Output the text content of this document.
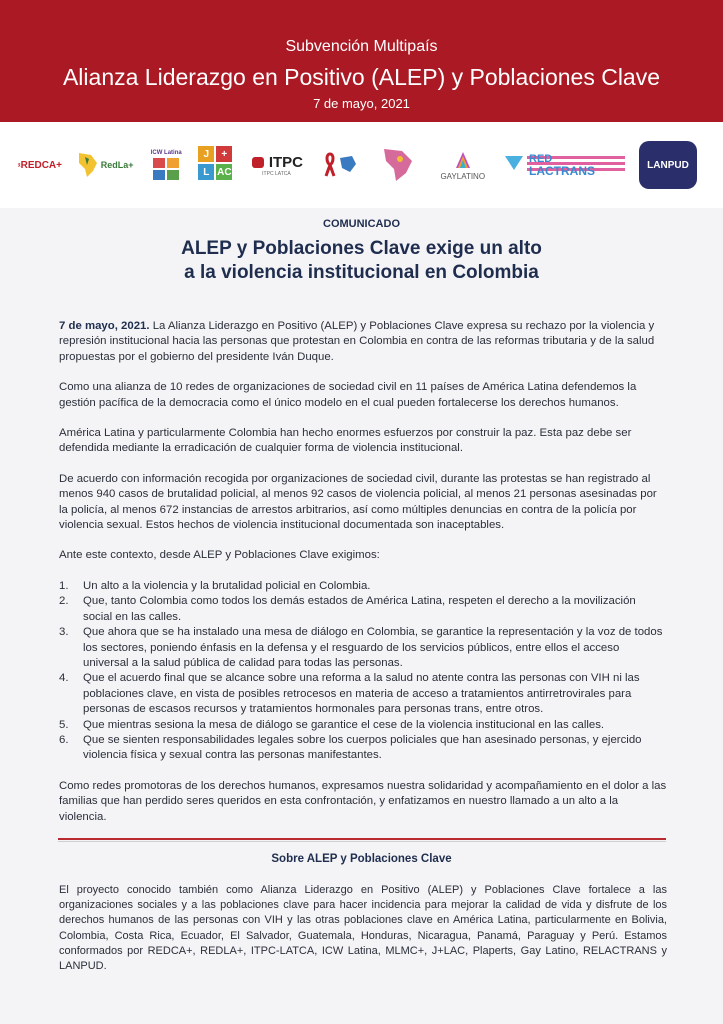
Subvención Multipaís
Alianza Liderazgo en Positivo (ALEP) y Poblaciones Clave
7 de mayo, 2021
REDCA+	RedLa+
ICW Latina	J	+
L AC
ITPC
ITPC LATCA	GAYLATINO
RED
LACTRANS	LANPUD
COMUNICADO
ALEP y Poblaciones Clave exige un alto
a la violencia institucional en Colombia

7 de mayo, 2021. La Alianza Liderazgo en Positivo (ALEP) y Poblaciones Clave expresa su rechazo por la violencia y represión institucional hacia las personas que protestan en Colombia en contra de las reformas tributaria y de la salud propuestas por el gobierno del presidente Iván Duque.

Como una alianza de 10 redes de organizaciones de sociedad civil en 11 países de América Latina defendemos la gestión pacífica de la democracia como el único modelo en el cual pueden fortalecerse los derechos humanos.

América Latina y particularmente Colombia han hecho enormes esfuerzos por construir la paz. Esta paz debe ser defendida mediante la erradicación de cualquier forma de violencia institucional.

De acuerdo con información recogida por organizaciones de sociedad civil, durante las protestas se han registrado al menos 940 casos de brutalidad policial, al menos 92 casos de violencia policial, al menos 21 personas asesinadas por la policía, al menos 672 instancias de arrestos arbitrarios, así como múltiples denuncias en contra de la policía por violencia sexual. Estos hechos de violencia institucional documentada son inaceptables.

Ante este contexto, desde ALEP y Poblaciones Clave exigimos:

1. Un alto a la violencia y la brutalidad policial en Colombia.
2. Que, tanto Colombia como todos los demás estados de América Latina, respeten el derecho a la movilización social en las calles.
3. Que ahora que se ha instalado una mesa de diálogo en Colombia, se garantice la representación y la voz de todos los sectores, poniendo énfasis en la defensa y el resguardo de los servicios públicos, entre ellos el acceso universal a la salud pública de calidad para todas las personas.
4. Que el acuerdo final que se alcance sobre una reforma a la salud no atente contra las personas con VIH ni las poblaciones clave, en vista de posibles retrocesos en materia de acceso a tratamientos antirretrovirales para personas de escasos recursos y tratamientos hormonales para personas trans, entre otros.
5. Que mientras sesiona la mesa de diálogo se garantice el cese de la violencia institucional en las calles.
6. Que se sienten responsabilidades legales sobre los cuerpos policiales que han asesinado personas, y ejercido violencia física y sexual contra las personas manifestantes.

Como redes promotoras de los derechos humanos, expresamos nuestra solidaridad y acompañamiento en el dolor a las familias que han perdido seres queridos en esta confrontación, y enfatizamos en nuestro llamado a un alto a la violencia.

Sobre ALEP y Poblaciones Clave
El proyecto conocido también como Alianza Liderazgo en Positivo (ALEP) y Poblaciones Clave fortalece a las organizaciones sociales y a las poblaciones clave para hacer incidencia para mejorar la calidad de vida y disfrute de los derechos humanos de las personas con VIH y las otras poblaciones clave en América Latina, particularmente en Bolivia, Colombia, Costa Rica, Ecuador, El Salvador, Guatemala, Honduras, Nicaragua, Panamá, Paraguay y Perú. Estamos conformados por REDCA+, REDLA+, ITPC-LATCA, ICW Latina, MLMC+, J+LAC, Plaperts, Gay Latino, RELACTRANS y LANPUD.
